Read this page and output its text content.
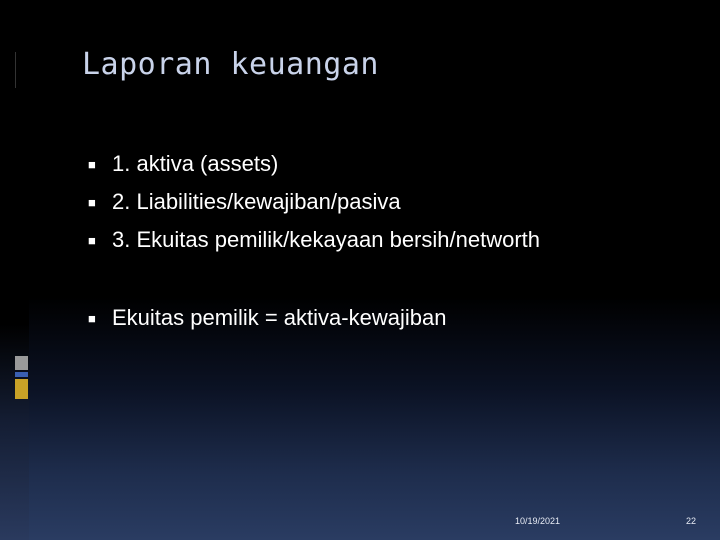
Laporan keuangan
■ 1. aktiva (assets)
■ 2. Liabilities/kewajiban/pasiva
■ 3. Ekuitas pemilik/kekayaan bersih/networth
■ Ekuitas pemilik = aktiva-kewajiban
10/19/2021	22
